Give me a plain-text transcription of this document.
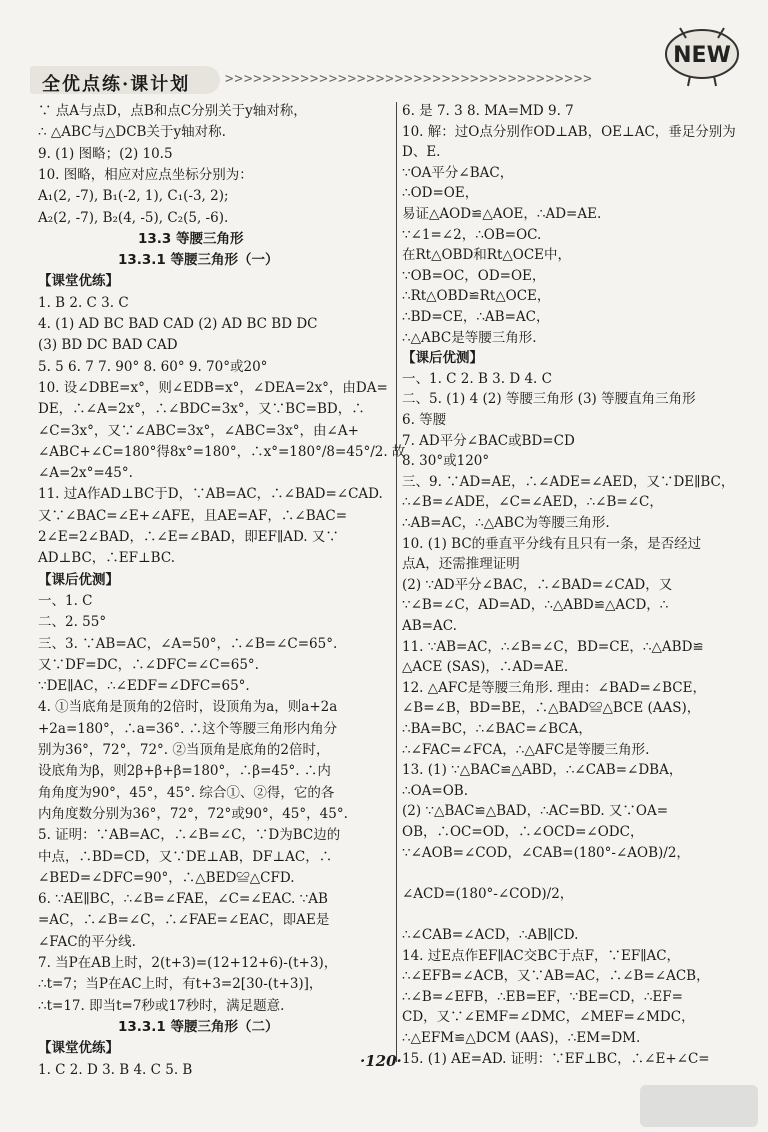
全优点练·课计划 >>>>>>>>>>>>>>>>>>>>>>>>>>>>>>>>>>>>>>>
NEW
∵ 点A与点D，点B和点C分别关于y轴对称，
∴ △ABC与△DCB关于y轴对称.
9. (1) 图略；(2) 10.5
10. 图略，相应对应点坐标分别为：
A₁(2, -7), B₁(-2, 1), C₁(-3, 2);
A₂(2, -7), B₂(4, -5), C₂(5, -6).
13.3 等腰三角形
13.3.1 等腰三角形（一）
【课堂优练】
1. B 2. C 3. C
4. (1) AD BC BAD CAD (2) AD BC BD DC
(3) BD DC BAD CAD
5. 5 6. 7 7. 90° 8. 60° 9. 70°或20°
10. 设∠DBE=x°，则∠EDB=x°，∠DEA=2x°，由DA=
DE，∴∠A=2x°，∴∠BDC=3x°，又∵BC=BD，∴
∠C=3x°，又∵∠ABC=3x°，∠ABC=3x°，由∠A+
∠ABC+∠C=180°得8x°=180°，∴x°=180°/8=45°/2. 故
∠A=2x°=45°.
11. 过A作AD⊥BC于D，∵AB=AC，∴∠BAD=∠CAD.
又∵∠BAC=∠E+∠AFE，且AE=AF，∴∠BAC=
2∠E=2∠BAD，∴∠E=∠BAD，即EF∥AD. 又∵
AD⊥BC，∴EF⊥BC.
【课后优测】
一、1. C
二、2. 55°
三、3. ∵AB=AC，∠A=50°，∴∠B=∠C=65°.
又∵DF=DC，∴∠DFC=∠C=65°.
∵DE∥AC，∴∠EDF=∠DFC=65°.
4. ①当底角是顶角的2倍时，设顶角为a，则a+2a
+2a=180°，∴a=36°. ∴这个等腰三角形内角分
别为36°，72°，72°. ②当顶角是底角的2倍时，
设底角为β，则2β+β+β=180°，∴β=45°. ∴内
角角度为90°，45°，45°. 综合①、②得，它的各
内角度数分别为36°，72°，72°或90°，45°，45°.
5. 证明：∵AB=AC，∴∠B=∠C，∵D为BC边的
中点，∴BD=CD，又∵DE⊥AB，DF⊥AC，∴
∠BED=∠DFC=90°，∴△BED≌△CFD.
6. ∵AE∥BC，∴∠B=∠FAE，∠C=∠EAC. ∵AB
=AC，∴∠B=∠C，∴∠FAE=∠EAC，即AE是
∠FAC的平分线.
7. 当P在AB上时，2(t+3)=(12+12+6)-(t+3)，
∴t=7；当P在AC上时，有t+3=2[30-(t+3)]，
∴t=17. 即当t=7秒或17秒时，满足题意.
13.3.1 等腰三角形（二）
【课堂优练】
1. C 2. D 3. B 4. C 5. B
6. 是 7. 3 8. MA=MD 9. 7
10. 解：过O点分别作OD⊥AB，OE⊥AC，垂足分别为
D、E.
∵OA平分∠BAC，
∴OD=OE，
易证△AOD≌△AOE，∴AD=AE.
∵∠1=∠2，∴OB=OC.
在Rt△OBD和Rt△OCE中，
∵OB=OC，OD=OE，
∴Rt△OBD≌Rt△OCE，
∴BD=CE，∴AB=AC，
∴△ABC是等腰三角形.
【课后优测】
一、1. C 2. B 3. D 4. C
二、5. (1) 4 (2) 等腰三角形 (3) 等腰直角三角形
6. 等腰
7. AD平分∠BAC或BD=CD
8. 30°或120°
三、9. ∵AD=AE，∴∠ADE=∠AED，又∵DE∥BC，
∴∠B=∠ADE，∠C=∠AED，∴∠B=∠C，
∴AB=AC，∴△ABC为等腰三角形.
10. (1) BC的垂直平分线有且只有一条，是否经过
点A，还需推理证明
(2) ∵AD平分∠BAC，∴∠BAD=∠CAD，又
∵∠B=∠C，AD=AD，∴△ABD≌△ACD，∴
AB=AC.
11. ∵AB=AC，∴∠B=∠C，BD=CE，∴△ABD≌
△ACE (SAS)，∴AD=AE.
12. △AFC是等腰三角形. 理由：∠BAD=∠BCE，
∠B=∠B，BD=BE，∴△BAD≌△BCE (AAS)，
∴BA=BC，∴∠BAC=∠BCA，
∴∠FAC=∠FCA，∴△AFC是等腰三角形.
13. (1) ∵△BAC≌△ABD，∴∠CAB=∠DBA，
∴OA=OB.
(2) ∵△BAC≌△BAD，∴AC=BD. 又∵OA=
OB，∴OC=OD，∴∠OCD=∠ODC，
∵∠AOB=∠COD，∠CAB=(180°-∠AOB)/2，
∠ACD=(180°-∠COD)/2，
∴∠CAB=∠ACD，∴AB∥CD.
14. 过E点作EF∥AC交BC于点F，∵EF∥AC，
∴∠EFB=∠ACB，又∵AB=AC，∴∠B=∠ACB，
∴∠B=∠EFB，∴EB=EF，∵BE=CD，∴EF=
CD，又∵∠EMF=∠DMC，∠MEF=∠MDC，
∴△EFM≌△DCM (AAS)，∴EM=DM.
15. (1) AE=AD. 证明：∵EF⊥BC，∴∠E+∠C=
·120·
